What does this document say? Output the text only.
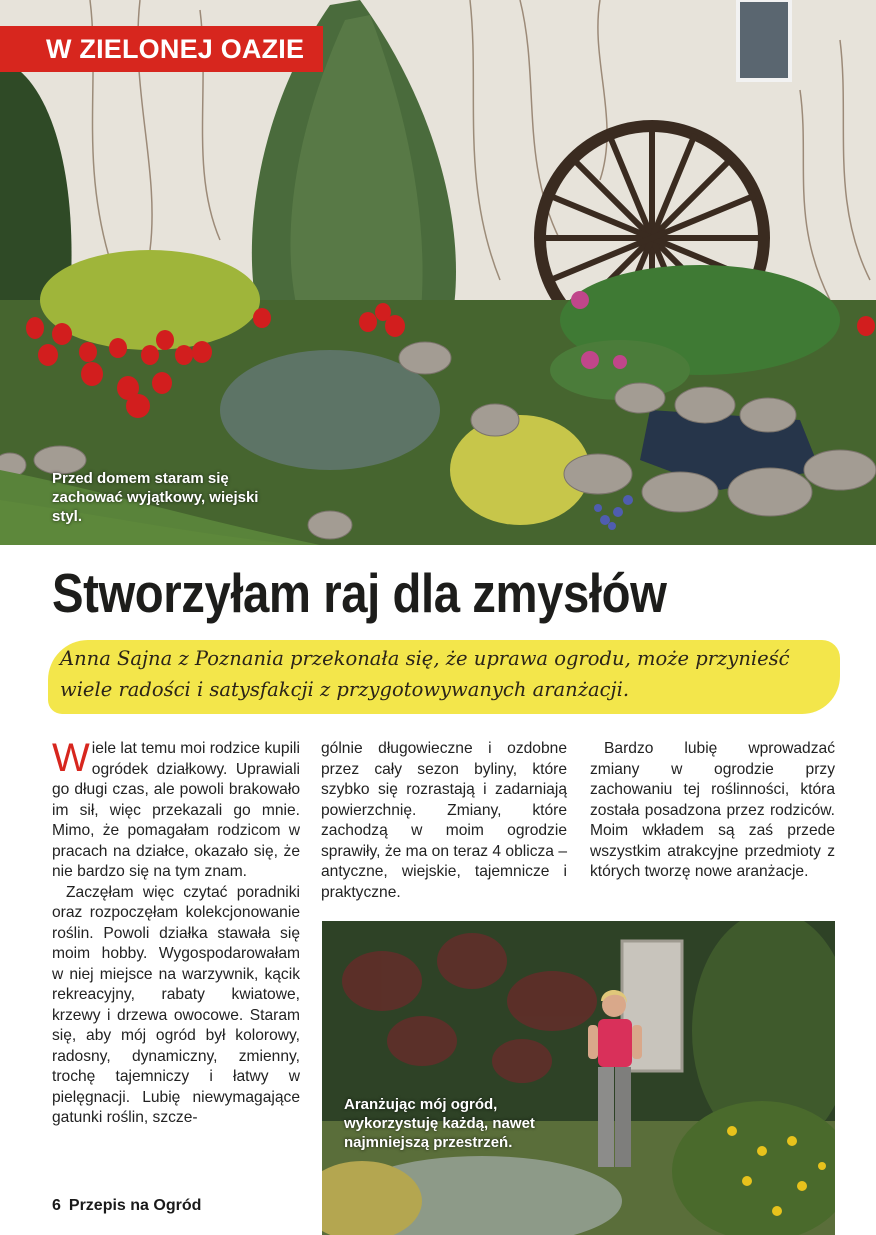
W ZIELONEJ OAZIE
Przed domem staram się zachować wyjątkowy, wiejski styl.
Stworzyłam raj dla zmysłów
Anna Sajna z Poznania przekonała się, że uprawa ogrodu, może przynieść wiele radości i satysfakcji z przygotowywanych aranżacji.

Wiele lat temu moi rodzice kupili ogródek działkowy. Uprawiali go długi czas, ale powoli brakowało im sił, więc przekazali go mnie. Mimo, że pomagałam rodzicom w pracach na działce, okazało się, że nie bardzo się na tym znam.

Zaczęłam więc czytać poradniki oraz rozpoczęłam kolekcjonowanie roślin. Powoli działka stawała się moim hobby. Wygospodarowałam w niej miejsce na warzywnik, kącik rekreacyjny, rabaty kwiatowe, krzewy i drzewa owocowe. Staram się, aby mój ogród był kolorowy, radosny, dynamiczny, zmienny, trochę tajemniczy i łatwy w pielęgnacji. Lubię niewymagające gatunki roślin, szcze-

gólnie długowieczne i ozdobne przez cały sezon byliny, które szybko się rozrastają i zadarniają powierzchnię. Zmiany, które zachodzą w moim ogrodzie sprawiły, że ma on teraz 4 oblicza – antyczne, wiejskie, tajemnicze i praktyczne.

Bardzo lubię wprowadzać zmiany w ogrodzie przy zachowaniu tej roślinności, która została posadzona przez rodziców. Moim wkładem są zaś przede wszystkim atrakcyjne przedmioty z których tworzę nowe aranżacje.

Aranżując mój ogród, wykorzystuję każdą, nawet najmniejszą przestrzeń.
6 Przepis na Ogród
